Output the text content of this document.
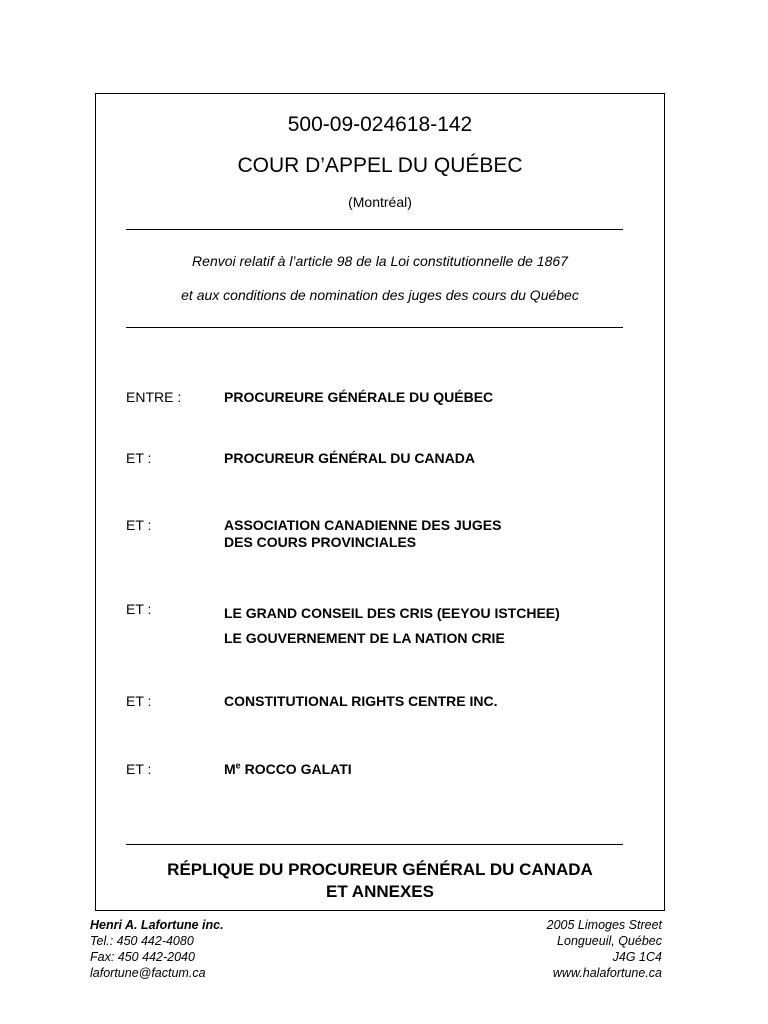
500-09-024618-142
COUR D’APPEL DU QUÉBEC
(Montréal)
Renvoi relatif à l’article 98 de la Loi constitutionnelle de 1867
et aux conditions de nomination des juges des cours du Québec
ENTRE :	PROCUREURE GÉNÉRALE DU QUÉBEC
ET :	PROCUREUR GÉNÉRAL DU CANADA
ET :	ASSOCIATION CANADIENNE DES JUGES
DES COURS PROVINCIALES
ET :	LE GRAND CONSEIL DES CRIS (EEYOU ISTCHEE)
LE GOUVERNEMENT DE LA NATION CRIE
ET :	CONSTITUTIONAL RIGHTS CENTRE INC.
ET :	Me ROCCO GALATI
RÉPLIQUE DU PROCUREUR GÉNÉRAL DU CANADA
ET ANNEXES
Henri A. Lafortune inc.
Tel.: 450 442-4080
Fax: 450 442-2040
lafortune@factum.ca
2005 Limoges Street
Longueuil, Québec
J4G 1C4
www.halafortune.ca
